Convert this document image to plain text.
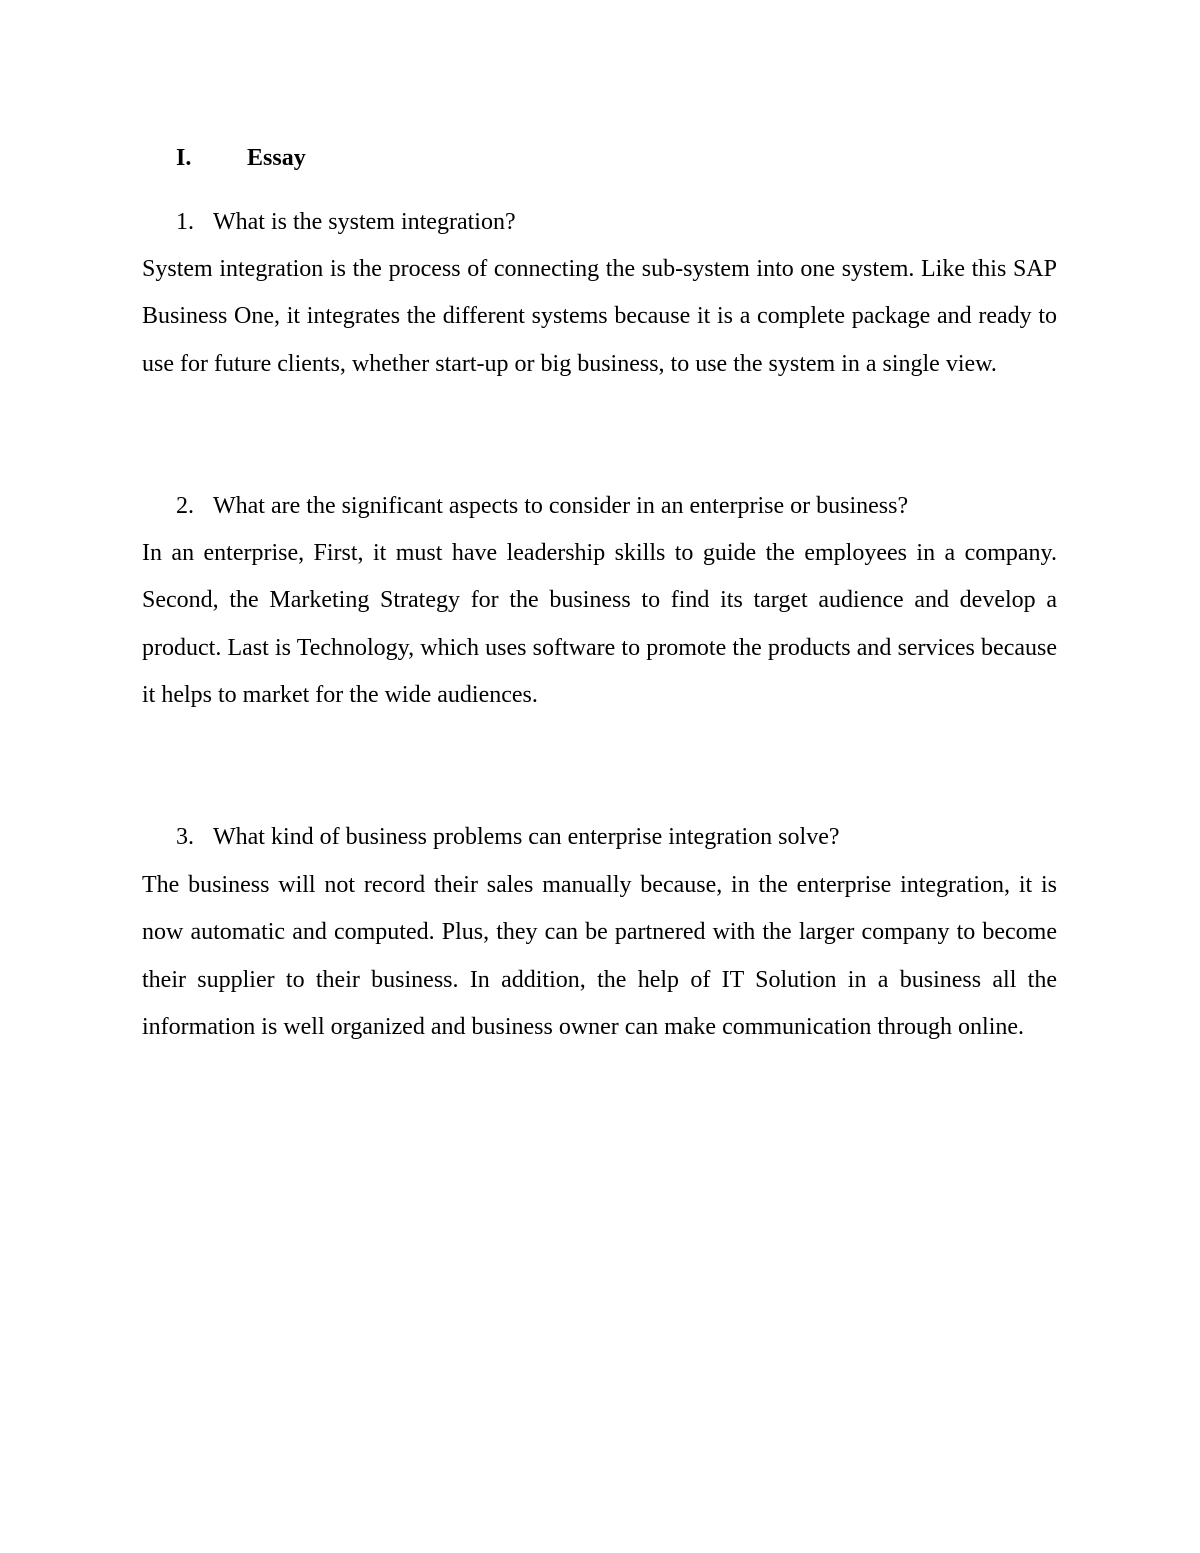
I. Essay
1. What is the system integration?

System integration is the process of connecting the sub-system into one system. Like this SAP Business One, it integrates the different systems because it is a complete package and ready to use for future clients, whether start-up or big business, to use the system in a single view.

2. What are the significant aspects to consider in an enterprise or business?

In an enterprise, First, it must have leadership skills to guide the employees in a company. Second, the Marketing Strategy for the business to find its target audience and develop a product. Last is Technology, which uses software to promote the products and services because it helps to market for the wide audiences.

3. What kind of business problems can enterprise integration solve?

The business will not record their sales manually because, in the enterprise integration, it is now automatic and computed. Plus, they can be partnered with the larger company to become their supplier to their business. In addition, the help of IT Solution in a business all the information is well organized and business owner can make communication through online.
